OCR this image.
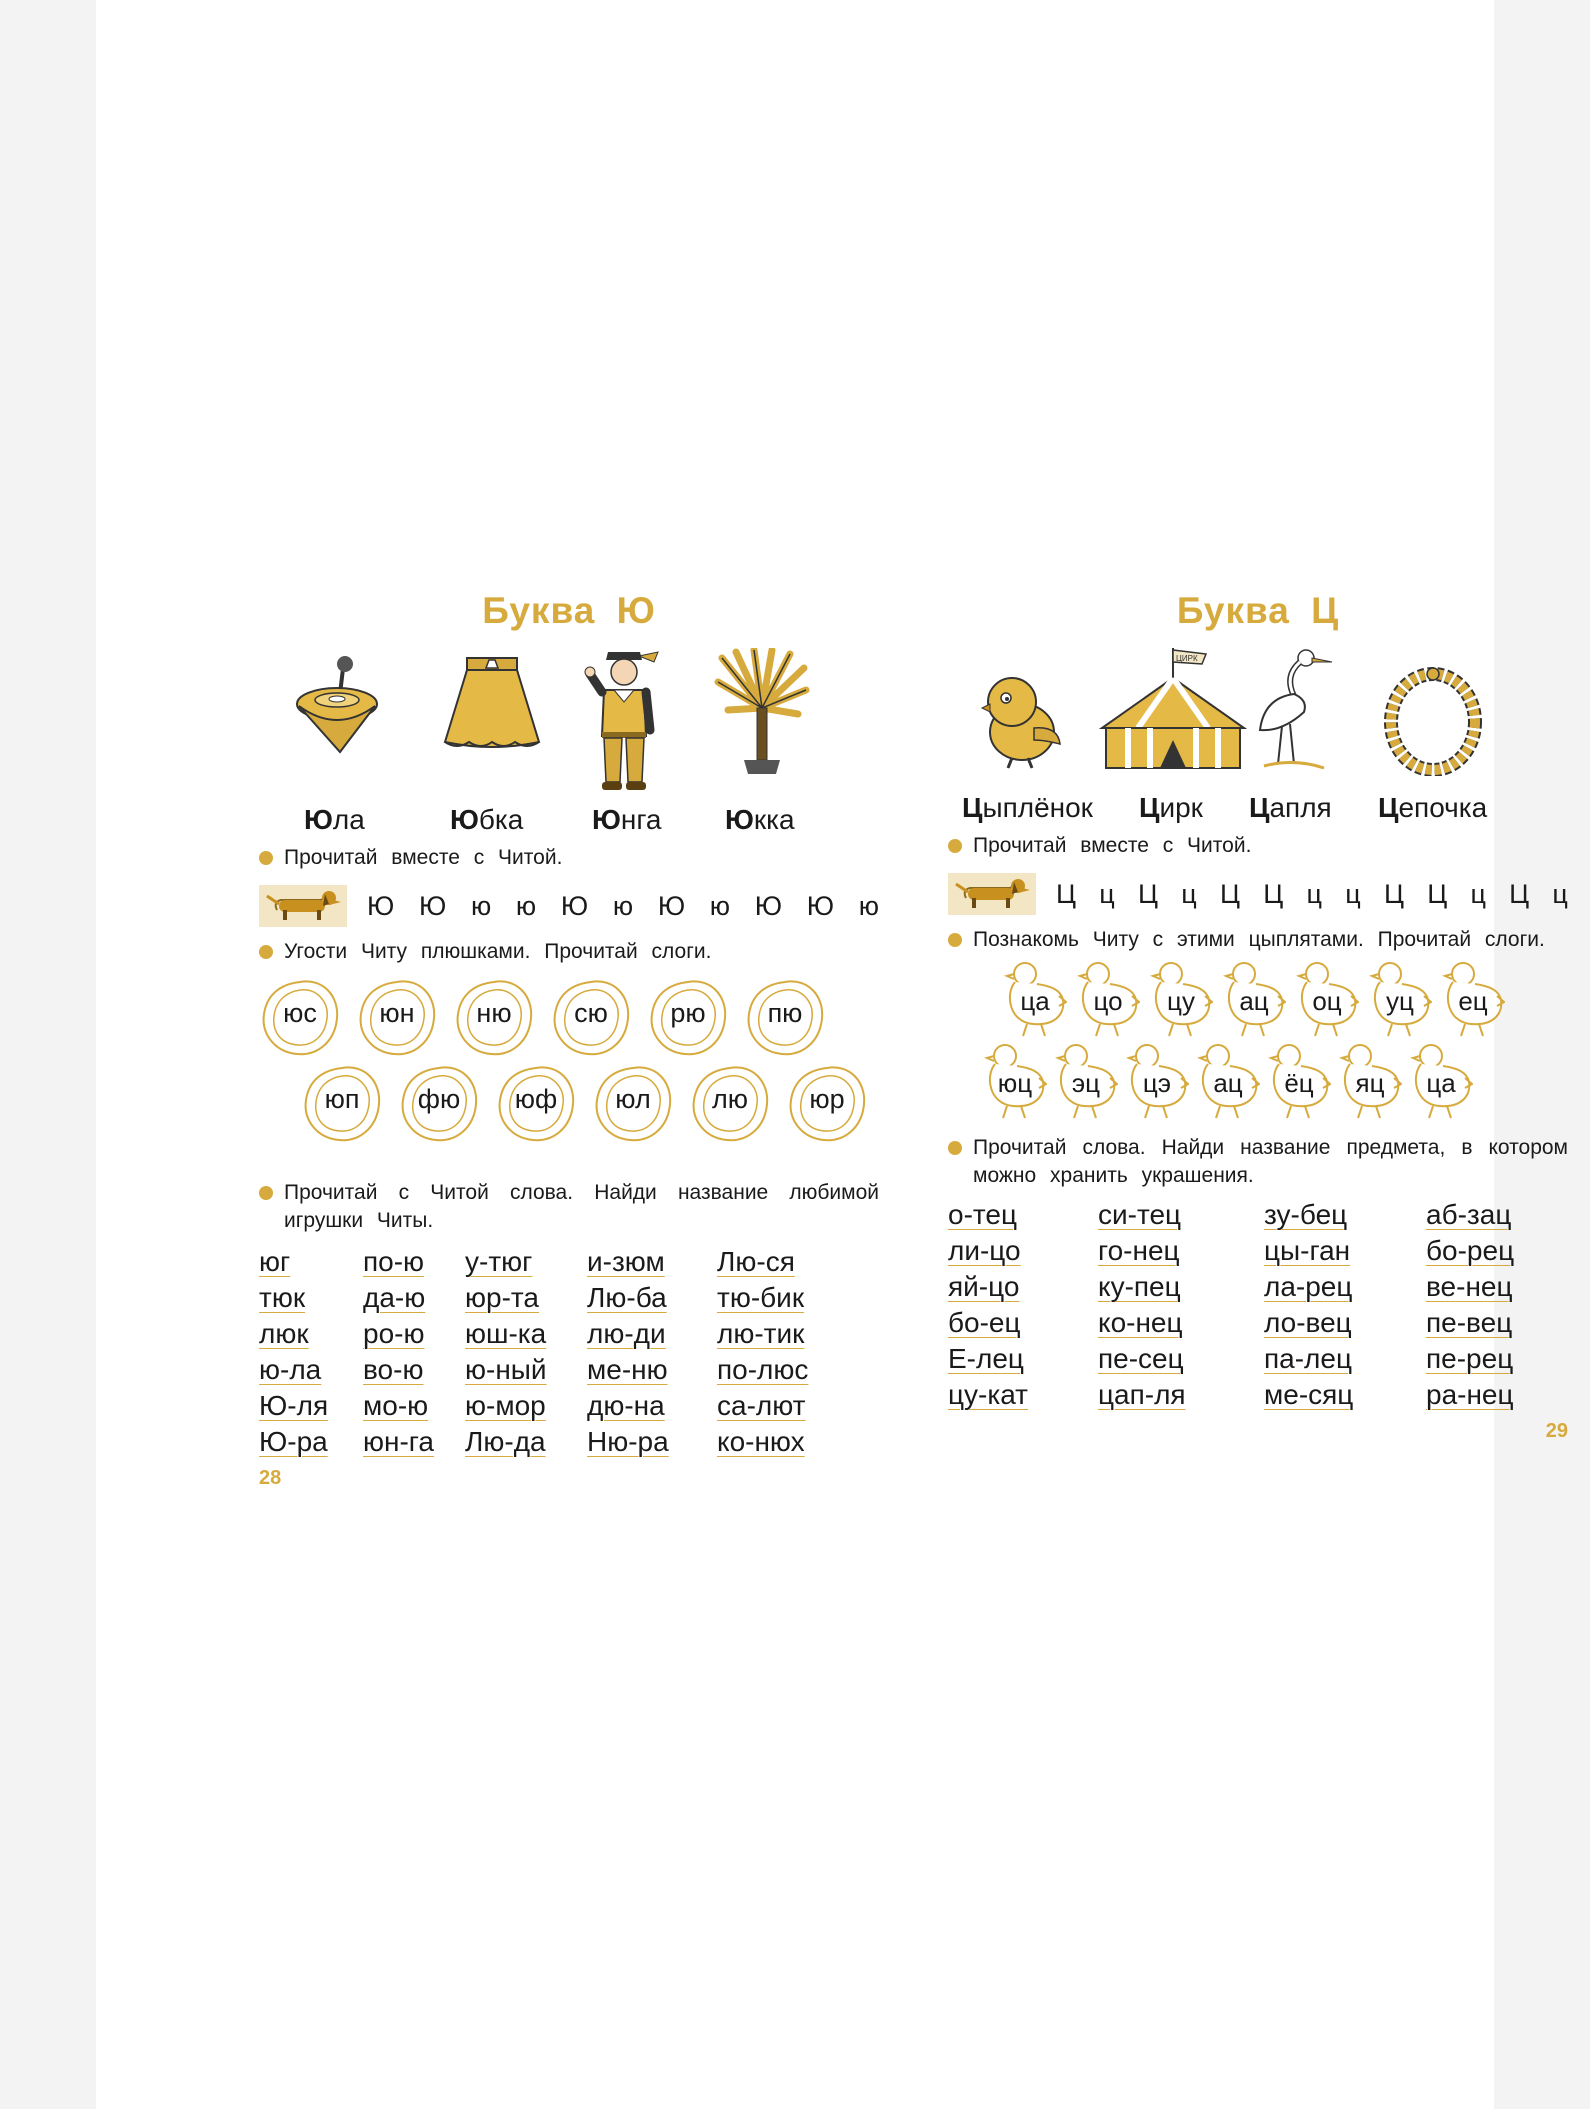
Буква Ю
Юла	Юбка Юнга Юкка
Прочитай вместе с Читой.
Ю Ю ю ю Ю ю Ю ю Ю Ю ю
Угости Читу плюшками. Прочитай слоги.
юс	юн	ню	сю	рю	пю
юп	фю	юф	юл	лю	юр
Прочитай с Читой слова. Найди название любимой игрушки Читы.
юг	по-ю	у-тюг	и-зюм	Лю-ся
тюк	да-ю	юр-та	Лю-ба	тю-бик
люк	ро-ю	юш-ка	лю-ди	лю-тик
ю-ла	во-ю	ю-ный	ме-ню	по-люс
Ю-ля	мо-ю	ю-мор	дю-на	са-лют
Ю-ра	юн-га	Лю-да	Ню-ра	ко-нюх
28
Буква Ц
ЦИРК
Цыплёнок Цирк Цапля Цепочка
Прочитай вместе с Читой.
Ц ц Ц ц Ц Ц ц ц Ц Ц ц Ц ц
Познакомь Читу с этими цыплятами. Прочитай слоги.
ца	цо	цу	ац	оц	уц	ец
юц	эц	цэ	ац	ёц	яц	ца
Прочитай слова. Найди название предмета, в котором можно хранить украшения.
о-тец	си-тец	зу-бец	аб-зац
ли-цо	го-нец	цы-ган	бо-рец
яй-цо	ку-пец	ла-рец	ве-нец
бо-ец	ко-нец	ло-вец	пе-вец
Е-лец	пе-сец	па-лец	пе-рец
цу-кат	цап-ля	ме-сяц	ра-нец
29
